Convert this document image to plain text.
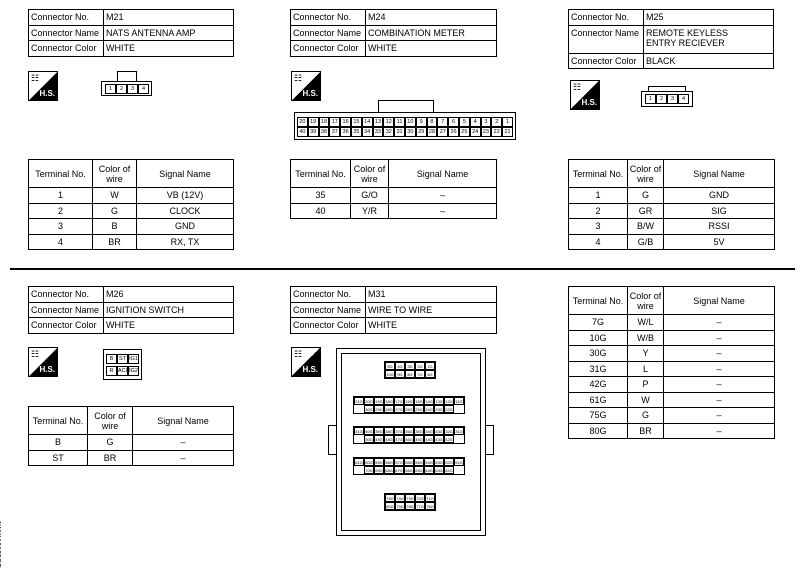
Connector No.	M21
Connector Name	NATS ANTENNA AMP
Connector Color	WHITE
☷
H.S.	1	2	3	4
Terminal No.	Color of wire	Signal Name
1	W	VB (12V)
2	G	CLOCK
3	B	GND
4	BR	RX, TX
Connector No.	M24
Connector Name	COMBINATION METER
Connector Color	WHITE
☷
H.S.
20 19 18 17 16 15 14 13 12 11 10	9	8	7	6	5	4	3	2	1
40 39 38 37 36 35 34 33 32 31 30 29 28 27 26 25 24 23 22 21
Terminal No.	Color of wire	Signal Name
35	G/O	–
40	Y/R	–
Connector No.	M25
Connector Name	REMOTE KEYLESS
ENTRY RECIEVER
Connector Color	BLACK
☷
H.S.	1	2	3	4
Terminal No.	Color of wire	Signal Name
1	G	GND
2	GR	SIG
3	B/W	RSSI
4	G/B	5V
Connector No.	M26
Connector Name	IGNITION SWITCH
Connector Color	WHITE
☷
H.S.
B	ST IG1
R ACC IG2
Terminal No.	Color of wire	Signal Name
B	G	–
ST	BR	–
Connector No.	M31
Connector Name	WIRE TO WIRE
Connector Color	WHITE
☷
H.S.	5G	4G	3G	2G	1G
10G 9G	8G	7G	6G
21G 20G 19G 18G 17G 16G 15G 14G 13G 12G 11G
30G 29G 28G 27G 26G 25G 24G 23G 22G
41G 40G 39G 38G 37G 36G 35G 34G 33G 32G 31G
50G 49G 48G 47G 46G 45G 44G 43G 42G
61G 60G 59G 58G 57G 56G 55G 54G 53G 52G 51G
70G 69G 68G 67G 66G 65G 64G 63G 62G
75G 74G 73G 72G 71G
80G 79G 78G 77G 76G
Terminal No.	Color of wire	Signal Name
7G	W/L	–
10G	W/B	–
30G	Y	–
31G	L	–
42G	P	–
61G	W	–
75G	G	–
80G	BR	–
